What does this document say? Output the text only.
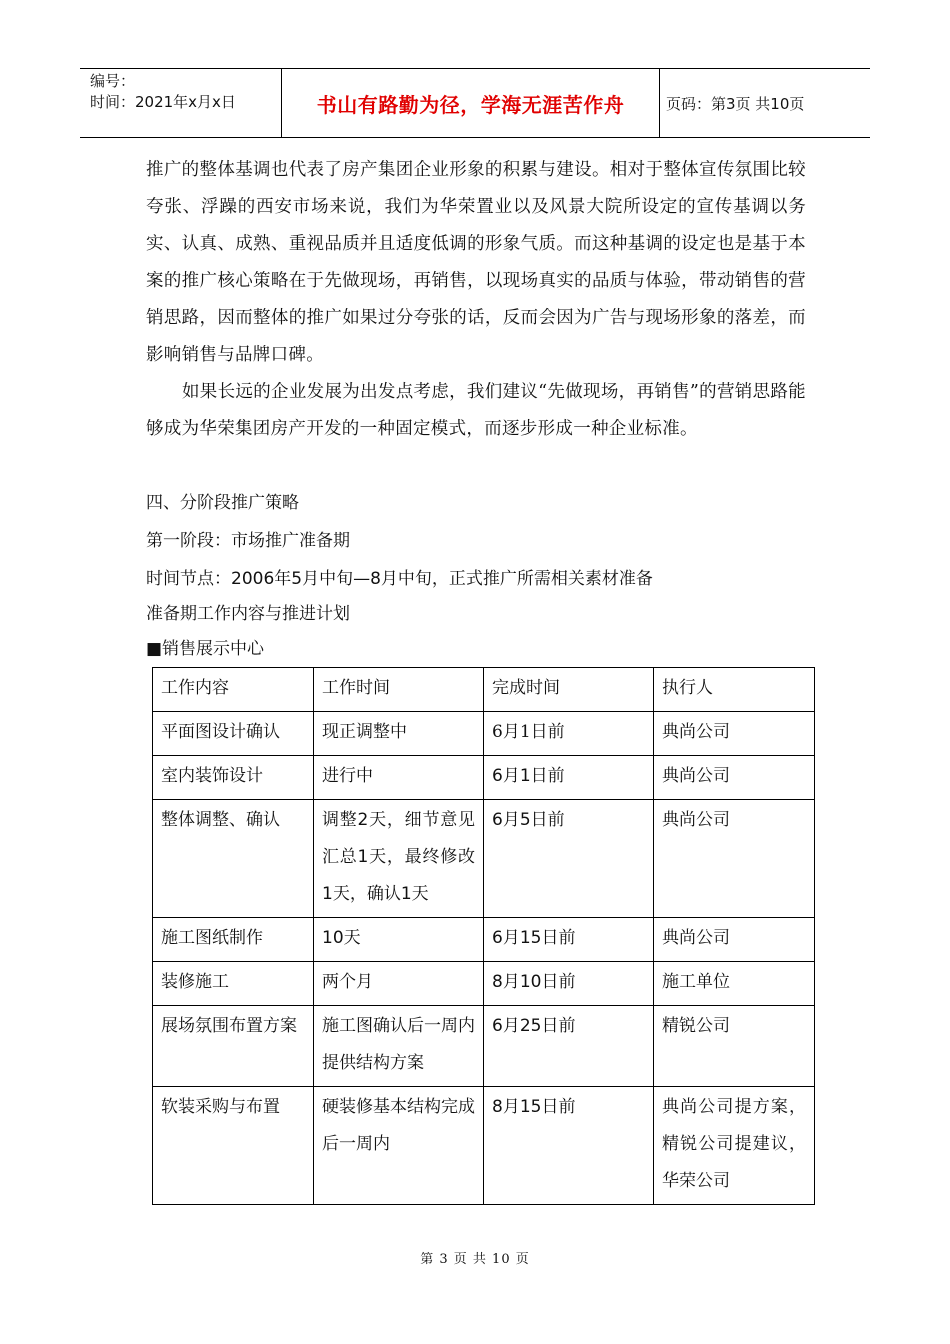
编号：
时间：2021年x月x日	书山有路勤为径，学海无涯苦作舟	页码：第3页 共10页

推广的整体基调也代表了房产集团企业形象的积累与建设。相对于整体宣传氛围比较夸张、浮躁的西安市场来说，我们为华荣置业以及风景大院所设定的宣传基调以务实、认真、成熟、重视品质并且适度低调的形象气质。而这种基调的设定也是基于本案的推广核心策略在于先做现场，再销售，以现场真实的品质与体验，带动销售的营销思路，因而整体的推广如果过分夸张的话，反而会因为广告与现场形象的落差，而影响销售与品牌口碑。

如果长远的企业发展为出发点考虑，我们建议“先做现场，再销售”的营销思路能够成为华荣集团房产开发的一种固定模式，而逐步形成一种企业标准。

四、分阶段推广策略
第一阶段：市场推广准备期
时间节点：2006年5月中旬—8月中旬，正式推广所需相关素材准备
准备期工作内容与推进计划
■销售展示中心
工作内容	工作时间	完成时间	执行人
平面图设计确认	现正调整中	6月1日前	典尚公司
室内装饰设计	进行中	6月1日前	典尚公司
整体调整、确认	调整2天，细节意见汇总1天，最终修改1天，确认1天	6月5日前	典尚公司
施工图纸制作	10天	6月15日前	典尚公司
装修施工	两个月	8月10日前	施工单位
展场氛围布置方案	施工图确认后一周内提供结构方案	6月25日前	精锐公司
软装采购与布置	硬装修基本结构完成后一周内	8月15日前	典尚公司提方案，精锐公司提建议，华荣公司
第 3 页 共 10 页
